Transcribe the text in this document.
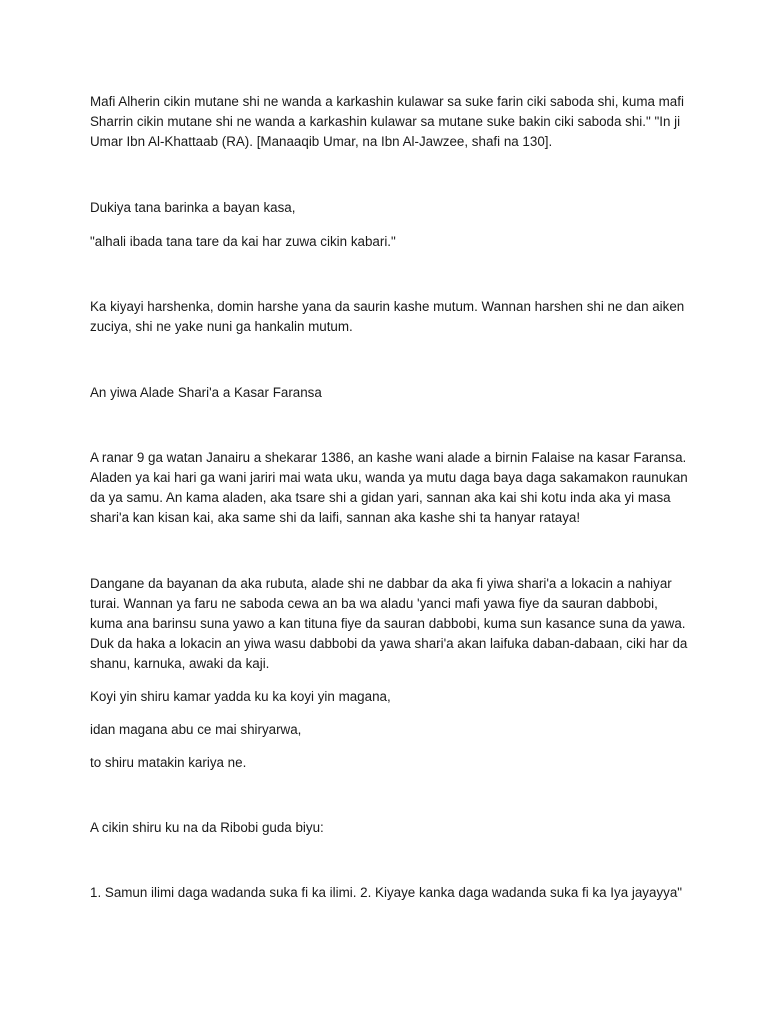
Mafi Alherin cikin mutane shi ne wanda a karkashin kulawar sa suke farin ciki saboda shi, kuma mafi Sharrin cikin mutane shi ne wanda a karkashin kulawar sa mutane suke bakin ciki saboda shi." "In ji Umar Ibn Al-Khattaab (RA). [Manaaqib Umar, na Ibn Al-Jawzee, shafi na 130].

Dukiya tana barinka a bayan kasa,

"alhali ibada tana tare da kai har zuwa cikin kabari."

Ka kiyayi harshenka, domin harshe yana da saurin kashe mutum. Wannan harshen shi ne dan aiken zuciya, shi ne yake nuni ga hankalin mutum.

An yiwa Alade Shari'a a Kasar Faransa

A ranar 9 ga watan Janairu a shekarar 1386, an kashe wani alade a birnin Falaise na kasar Faransa. Aladen ya kai hari ga wani jariri mai wata uku, wanda ya mutu daga baya daga sakamakon raunukan da ya samu. An kama aladen, aka tsare shi a gidan yari, sannan aka kai shi kotu inda aka yi masa shari'a kan kisan kai, aka same shi da laifi, sannan aka kashe shi ta hanyar rataya!

Dangane da bayanan da aka rubuta, alade shi ne dabbar da aka fi yiwa shari'a a lokacin a nahiyar turai. Wannan ya faru ne saboda cewa an ba wa aladu 'yanci mafi yawa fiye da sauran dabbobi, kuma ana barinsu suna yawo a kan tituna fiye da sauran dabbobi, kuma sun kasance suna da yawa. Duk da haka a lokacin an yiwa wasu dabbobi da yawa shari'a akan laifuka daban-dabaan, ciki har da shanu, karnuka, awaki da kaji.

Koyi yin shiru kamar yadda ku ka koyi yin magana,

idan magana abu ce mai shiryarwa,

to shiru matakin kariya ne.

A cikin shiru ku na da Ribobi guda biyu:

1. Samun ilimi daga wadanda suka fi ka ilimi. 2. Kiyaye kanka daga wadanda suka fi ka Iya jayayya"
